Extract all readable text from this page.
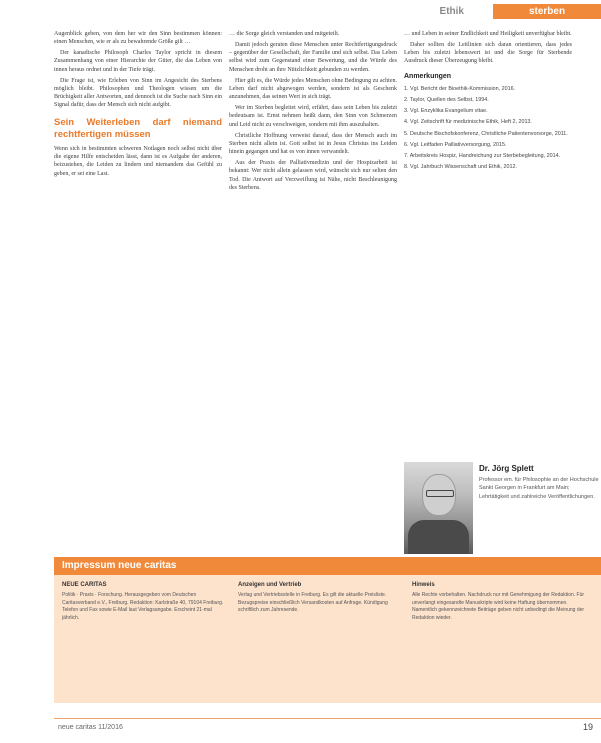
Ethik	sterben

Augenblick geben, von dem her wir den Sinn bestimmen können: einen Menschen, wie er als zu bewahrende Größe gilt …

Der kanadische Philosoph Charles Taylor spricht in diesem Zusammenhang von einer Hierarchie der Güter, die das Leben von innen heraus ordnet und in der Tiefe trägt.

Die Frage ist, wie Erleben von Sinn im Angesicht des Sterbens möglich bleibt. Philosophen und Theologen wissen um die Brüchigkeit aller Antworten, und dennoch ist die Suche nach Sinn ein Signal dafür, dass der Mensch sich nicht aufgibt.

Sein Weiterleben darf niemand rechtfertigen müssen

Wenn sich in bestimmten schweren Notlagen noch selbst nicht über die eigene Hilfe entscheiden lässt, dann ist es Aufgabe der anderen, beizustehen, die Leiden zu lindern und niemandem das Gefühl zu geben, er sei eine Last.

… die Sorge gleich verstanden und mitgeteilt.

Damit jedoch geraten diese Menschen unter Rechtfertigungsdruck – gegenüber der Gesellschaft, der Familie und sich selbst. Das Leben selbst wird zum Gegenstand einer Bewertung, und die Würde des Menschen droht an ihre Nützlichkeit gebunden zu werden.

Hier gilt es, die Würde jedes Menschen ohne Bedingung zu achten. Leben darf nicht abgewogen werden, sondern ist als Geschenk anzunehmen, das seinen Wert in sich trägt.

Wer im Sterben begleitet wird, erfährt, dass sein Leben bis zuletzt bedeutsam ist. Ernst nehmen heißt dann, den Sinn von Schmerzen und Leid nicht zu verschweigen, sondern mit ihm auszuhalten.

Christliche Hoffnung verweist darauf, dass der Mensch auch im Sterben nicht allein ist. Gott selbst ist in Jesus Christus ins Leiden hinein gegangen und hat es von innen verwandelt.

Aus der Praxis der Palliativmedizin und der Hospizarbeit ist bekannt: Wer nicht allein gelassen wird, wünscht sich nur selten den Tod. Die Antwort auf Verzweiflung ist Nähe, nicht Beschleunigung des Sterbens.

… und Leben in seiner Endlichkeit und Heiligkeit unverfügbar bleibt.

Daher sollten die Leitlinien sich daran orientieren, dass jedes Leben bis zuletzt lebenswert ist und die Sorge für Sterbende Ausdruck dieser Überzeugung bleibt.

Anmerkungen
1. Vgl. Bericht der Bioethik-Kommission, 2016.
2. Taylor, Quellen des Selbst, 1994.
3. Vgl. Enzyklika Evangelium vitae.
4. Vgl. Zeitschrift für medizinische Ethik, Heft 2, 2013.
5. Deutsche Bischofskonferenz, Christliche Patientenvorsorge, 2011.
6. Vgl. Leitfaden Palliativversorgung, 2015.
7. Arbeitskreis Hospiz, Handreichung zur Sterbebegleitung, 2014.
8. Vgl. Jahrbuch Wissenschaft und Ethik, 2012.
Dr. Jörg Splett
Professor em. für Philosophie an der Hochschule Sankt Georgen in Frankfurt am Main; Lehrtätigkeit und zahlreiche Veröffentlichungen.
Impressum neue caritas
NEUE CARITAS
Politik · Praxis · Forschung. Herausgegeben vom Deutschen Caritasverband e.V., Freiburg. Redaktion: Karlstraße 40, 79104 Freiburg. Telefon und Fax sowie E-Mail laut Verlagsangabe. Erscheint 21-mal jährlich.
Anzeigen und Vertrieb
Verlag und Vertriebsstelle in Freiburg. Es gilt die aktuelle Preisliste. Bezugspreise einschließlich Versandkosten auf Anfrage. Kündigung schriftlich zum Jahresende.
Hinweis
Alle Rechte vorbehalten. Nachdruck nur mit Genehmigung der Redaktion. Für unverlangt eingesandte Manuskripte wird keine Haftung übernommen. Namentlich gekennzeichnete Beiträge geben nicht unbedingt die Meinung der Redaktion wieder.
neue caritas 11/2016	19
